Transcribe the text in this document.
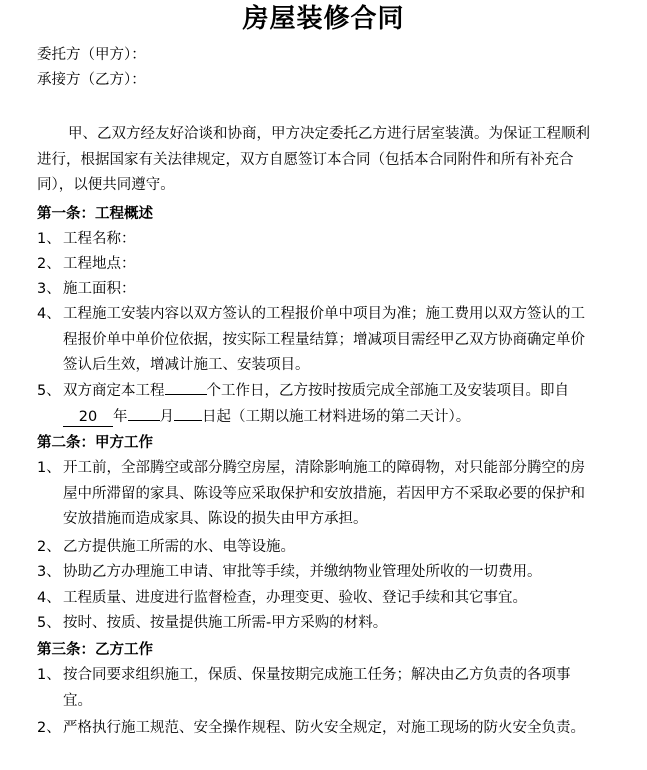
房屋装修合同
委托方（甲方）：
承接方（乙方）：
甲、乙双方经友好洽谈和协商，甲方决定委托乙方进行居室装潢。为保证工程顺利进行，根据国家有关法律规定，双方自愿签订本合同（包括本合同附件和所有补充合同），以便共同遵守。
第一条：工程概述
1、 工程名称：
2、 工程地点：
3、 施工面积：
4、 工程施工安装内容以双方签认的工程报价单中项目为准；施工费用以双方签认的工程报价单中单价位依据，按实际工程量结算；增减项目需经甲乙双方协商确定单价签认后生效，增减计施工、安装项目。
5、 双方商定本工程	个工作日，乙方按时按质完成全部施工及安装项目。即自20 年 月 日起（工期以施工材料进场的第二天计）。
第二条：甲方工作
1、 开工前，全部腾空或部分腾空房屋，清除影响施工的障碍物，对只能部分腾空的房屋中所滞留的家具、陈设等应采取保护和安放措施，若因甲方不采取必要的保护和安放措施而造成家具、陈设的损失由甲方承担。
2、 乙方提供施工所需的水、电等设施。
3、 协助乙方办理施工申请、审批等手续，并缴纳物业管理处所收的一切费用。
4、 工程质量、进度进行监督检查，办理变更、验收、登记手续和其它事宜。
5、 按时、按质、按量提供施工所需-甲方采购的材料。
第三条：乙方工作
1、 按合同要求组织施工，保质、保量按期完成施工任务；解决由乙方负责的各项事宜。
2、 严格执行施工规范、安全操作规程、防火安全规定，对施工现场的防火安全负责。
